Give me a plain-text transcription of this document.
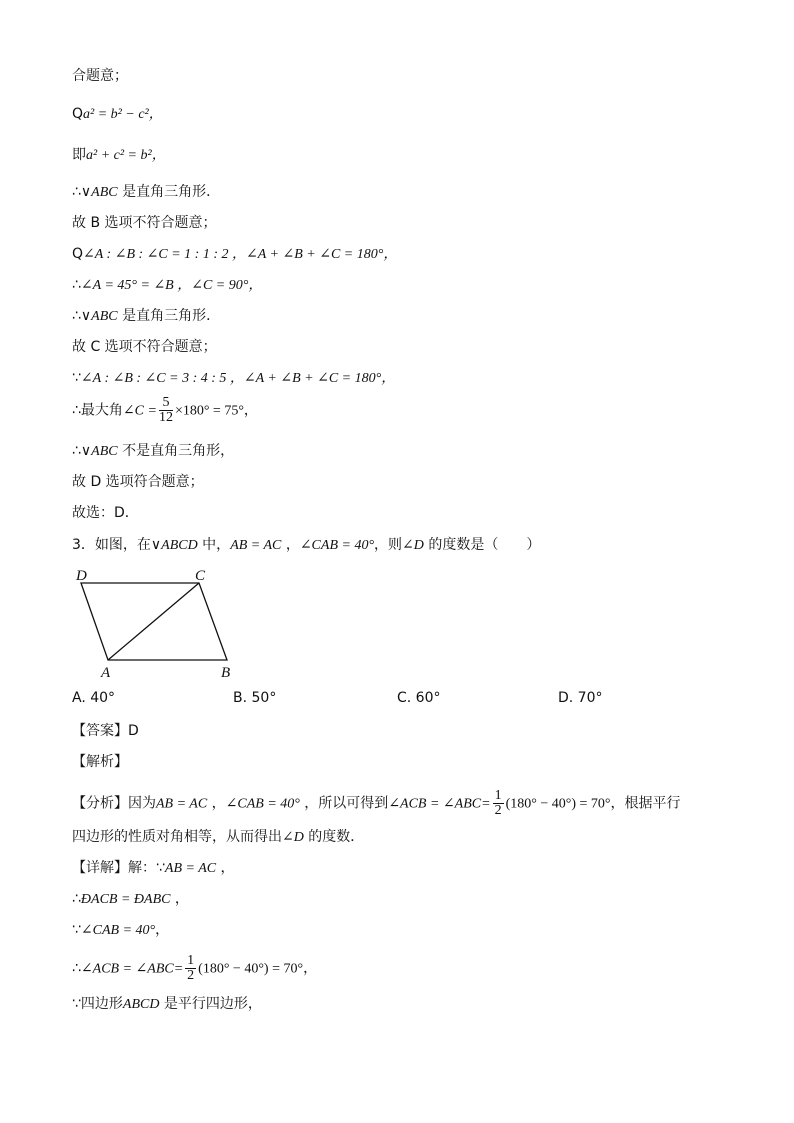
合题意；
Qa² = b² − c²，
即a² + c² = b²，
∴∨ABC 是直角三角形．
故 B 选项不符合题意；
Q∠A : ∠B : ∠C = 1 : 1 : 2 ，∠A + ∠B + ∠C = 180°，
∴∠A = 45° = ∠B ，∠C = 90°，
∴∨ABC 是直角三角形．
故 C 选项不符合题意；
∵∠A : ∠B : ∠C = 3 : 4 : 5 ，∠A + ∠B + ∠C = 180°，
∴最大角∠C = $\frac{5}{12} \times 180^\circ = 75^\circ$，
∴∨ABC 不是直角三角形，
故 D 选项符合题意；
故选：D．
3．如图，在∨ABCD 中，AB = AC ，∠CAB = 40°，则∠D 的度数是（　　）
D	C
A	B
A. 40°	B. 50°	C. 60°	D. 70°
【答案】D
【解析】
【分析】因为AB = AC ，∠CAB = 40° ，所以可得到∠ACB = ∠ABC= $\frac{1}{2} (180^\circ - 40^\circ) = 70^\circ$，根据平行
四边形的性质对角相等，从而得出∠D 的度数．
【详解】解：∵AB = AC ，
∴ÐACB = ÐABC ，
∵∠CAB = 40°，
∴∠ACB = ∠ABC= $\frac{1}{2} (180^\circ - 40^\circ) = 70^\circ$，
∵四边形ABCD 是平行四边形，
